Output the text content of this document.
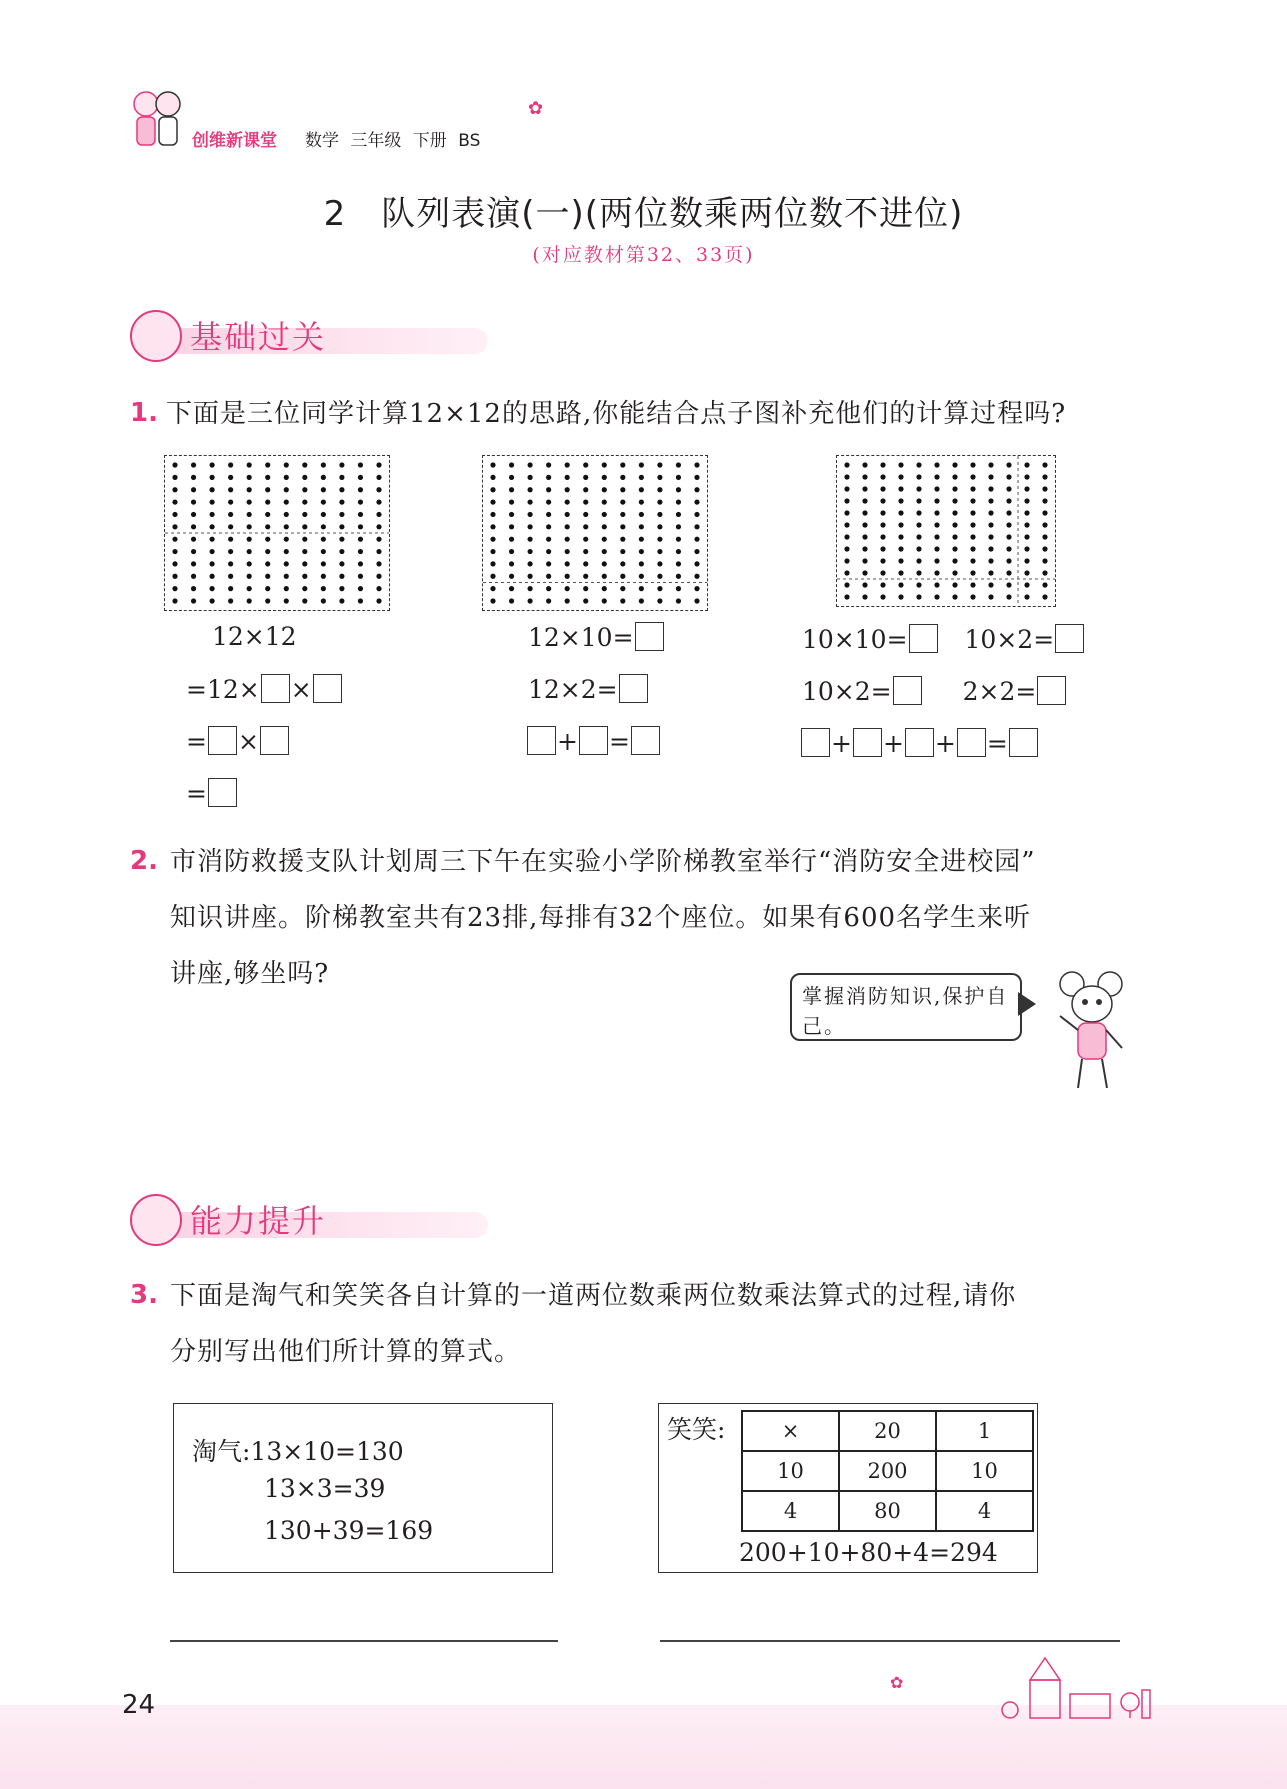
创维新课堂 数学 三年级 下册 BS
✿
2　队列表演(一)(两位数乘两位数不进位)
(对应教材第32、33页)
基础过关
1. 下面是三位同学计算12×12的思路,你能结合点子图补充他们的计算过程吗?
12×12
=12× ×
= ×
=
12×10=
12×2=
+ =
10×10= 10×2=
10×2=	2×2=
+ + + =
2. 市消防救援支队计划周三下午在实验小学阶梯教室举行“消防安全进校园”
知识讲座。阶梯教室共有23排,每排有32个座位。如果有600名学生来听
讲座,够坐吗?
掌握消防知识,保护自己。
能力提升
3. 下面是淘气和笑笑各自计算的一道两位数乘两位数乘法算式的过程,请你
分别写出他们所计算的算式。
淘气:13×10=130
13×3=39
130+39=169
笑笑:	×	20	1
10	200	10
4	80	4
200+10+80+4=294
24
✿
